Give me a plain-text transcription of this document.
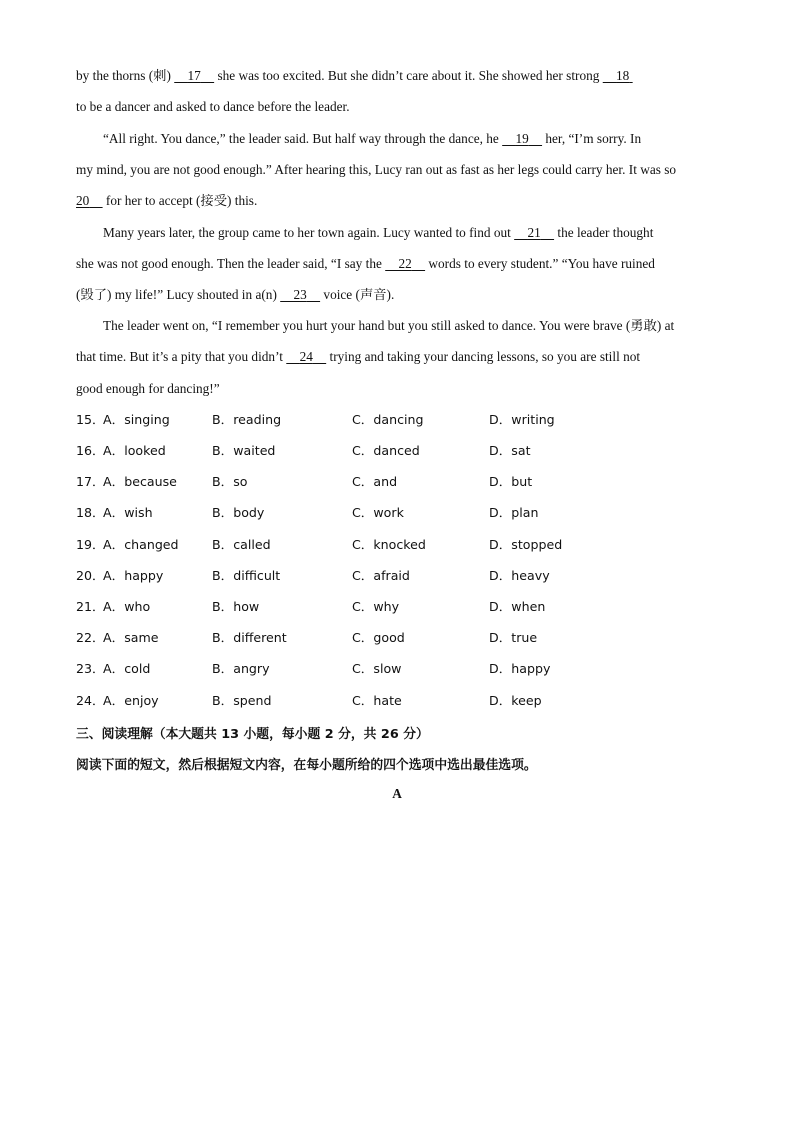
by the thorns (刺)     17     she was too excited. But she didn’t care about it. She showed her strong     18
to be a dancer and asked to dance before the leader.
“All right. You dance,” the leader said. But half way through the dance, he     19     her, “I’m sorry. In
my mind, you are not good enough.” After hearing this, Lucy ran out as fast as her legs could carry her. It was so
20     for her to accept (接受) this.
Many years later, the group came to her town again. Lucy wanted to find out     21     the leader thought
she was not good enough. Then the leader said, “I say the     22     words to every student.” “You have ruined
(毁了) my life!” Lucy shouted in a(n)     23     voice (声音).
The leader went on, “I remember you hurt your hand but you still asked to dance. You were brave (勇敢) at
that time. But it’s a pity that you didn’t     24     trying and taking your dancing lessons, so you are still not
good enough for dancing!”
15．
A．singing	B．reading	C．dancing	D．writing
16．
A．looked	B．waited	C．danced	D．sat
17．
A．because	B．so	C．and	D．but
18．
A．wish	B．body	C．work	D．plan
19．
A．changed	B．called	C．knocked	D．stopped
20．
A．happy	B．difficult	C．afraid	D．heavy
21．
A．who	B．how	C．why	D．when
22．
A．same	B．different	C．good	D．true
23．
A．cold	B．angry	C．slow	D．happy
24．
A．enjoy	B．spend	C．hate	D．keep
三、阅读理解（本大题共 13 小题，每小题 2 分，共 26 分）
阅读下面的短文，然后根据短文内容，在每小题所给的四个选项中选出最佳选项。
A
